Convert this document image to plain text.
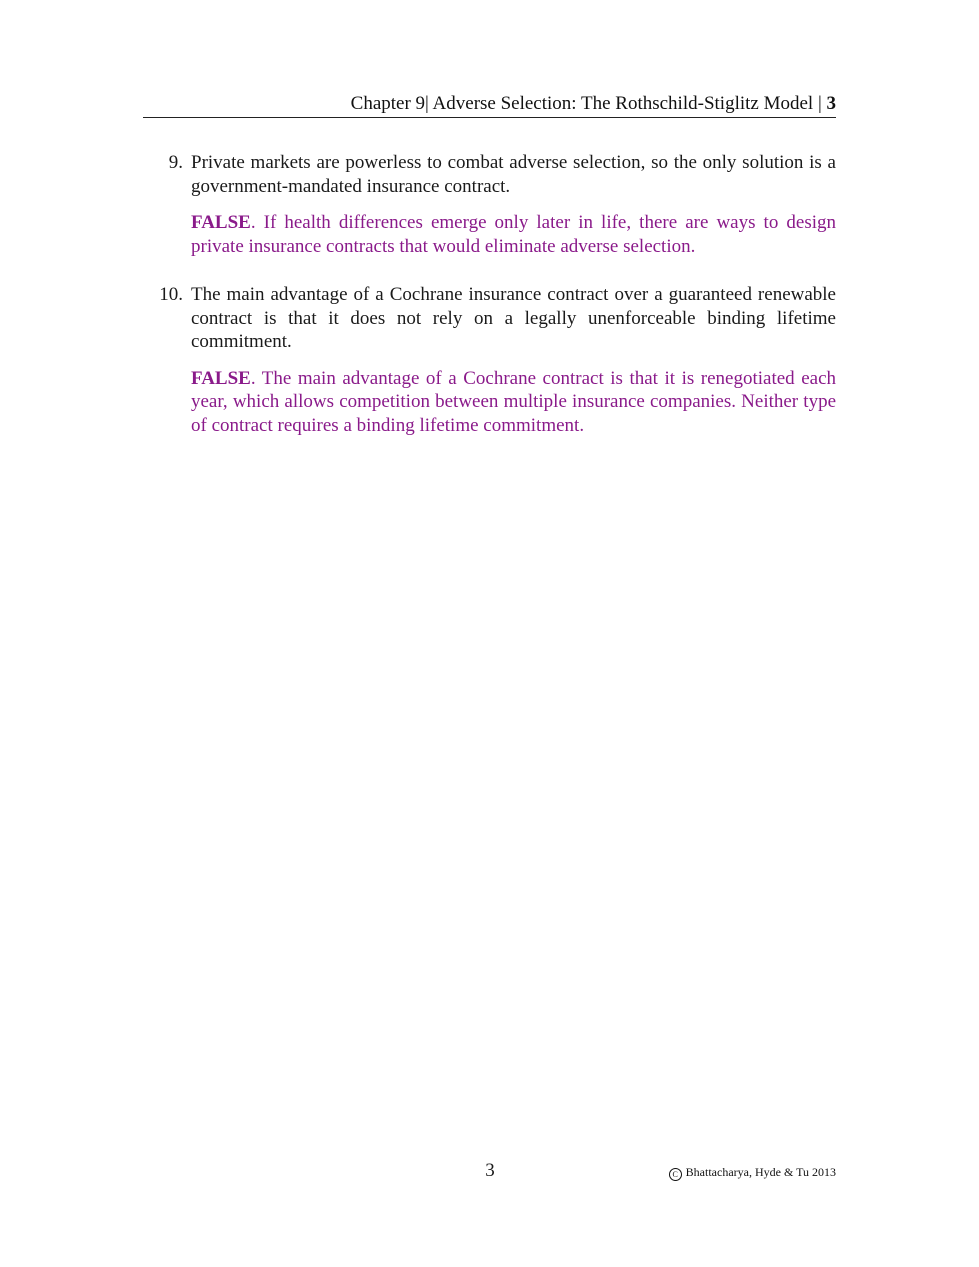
Chapter 9| Adverse Selection: The Rothschild-Stiglitz Model | 3
9. Private markets are powerless to combat adverse selection, so the only solution is a government-mandated insurance contract.
FALSE. If health differences emerge only later in life, there are ways to design private insurance contracts that would eliminate adverse selection.
10. The main advantage of a Cochrane insurance contract over a guaranteed renewable contract is that it does not rely on a legally unenforceable binding lifetime commitment.
FALSE. The main advantage of a Cochrane contract is that it is renegotiated each year, which allows competition between multiple insurance companies. Neither type of contract requires a binding lifetime commitment.
3	C Bhattacharya, Hyde & Tu 2013
